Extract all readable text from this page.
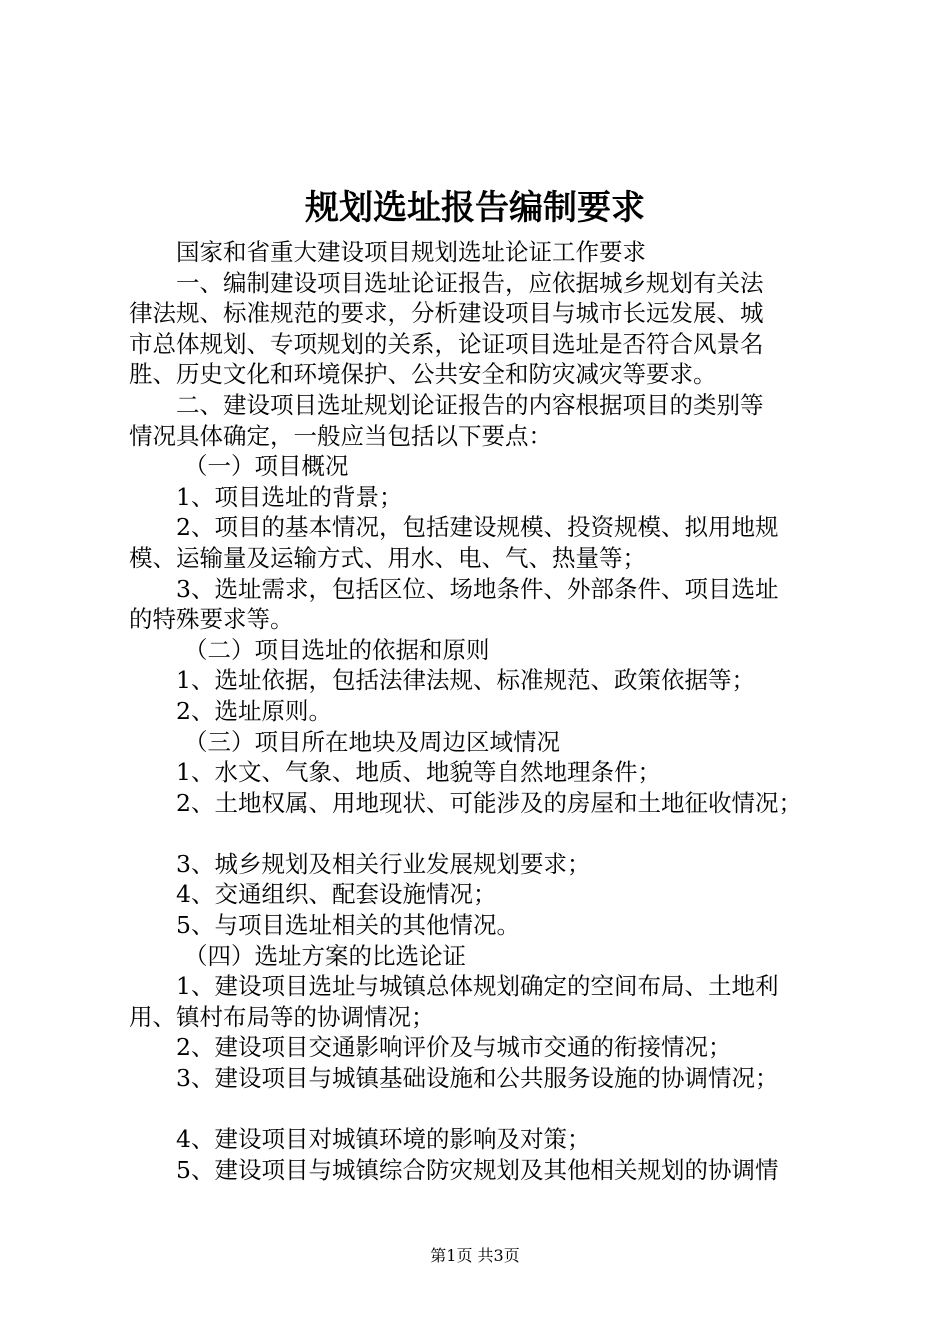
规划选址报告编制要求

国家和省重大建设项目规划选址论证工作要求

一、编制建设项目选址论证报告，应依据城乡规划有关法

律法规、标准规范的要求，分析建设项目与城市长远发展、城

市总体规划、专项规划的关系，论证项目选址是否符合风景名

胜、历史文化和环境保护、公共安全和防灾减灾等要求。

二、建设项目选址规划论证报告的内容根据项目的类别等

情况具体确定，一般应当包括以下要点：

（一）项目概况

1、项目选址的背景；

2、项目的基本情况，包括建设规模、投资规模、拟用地规

模、运输量及运输方式、用水、电、气、热量等；

3、选址需求，包括区位、场地条件、外部条件、项目选址

的特殊要求等。

（二）项目选址的依据和原则

1、选址依据，包括法律法规、标准规范、政策依据等；

2、选址原则。

（三）项目所在地块及周边区域情况

1、水文、气象、地质、地貌等自然地理条件；

2、土地权属、用地现状、可能涉及的房屋和土地征收情况；

3、城乡规划及相关行业发展规划要求；

4、交通组织、配套设施情况；

5、与项目选址相关的其他情况。

（四）选址方案的比选论证

1、建设项目选址与城镇总体规划确定的空间布局、土地利

用、镇村布局等的协调情况；

2、建设项目交通影响评价及与城市交通的衔接情况；

3、建设项目与城镇基础设施和公共服务设施的协调情况；

4、建设项目对城镇环境的影响及对策；

5、建设项目与城镇综合防灾规划及其他相关规划的协调情

第1页 共3页
